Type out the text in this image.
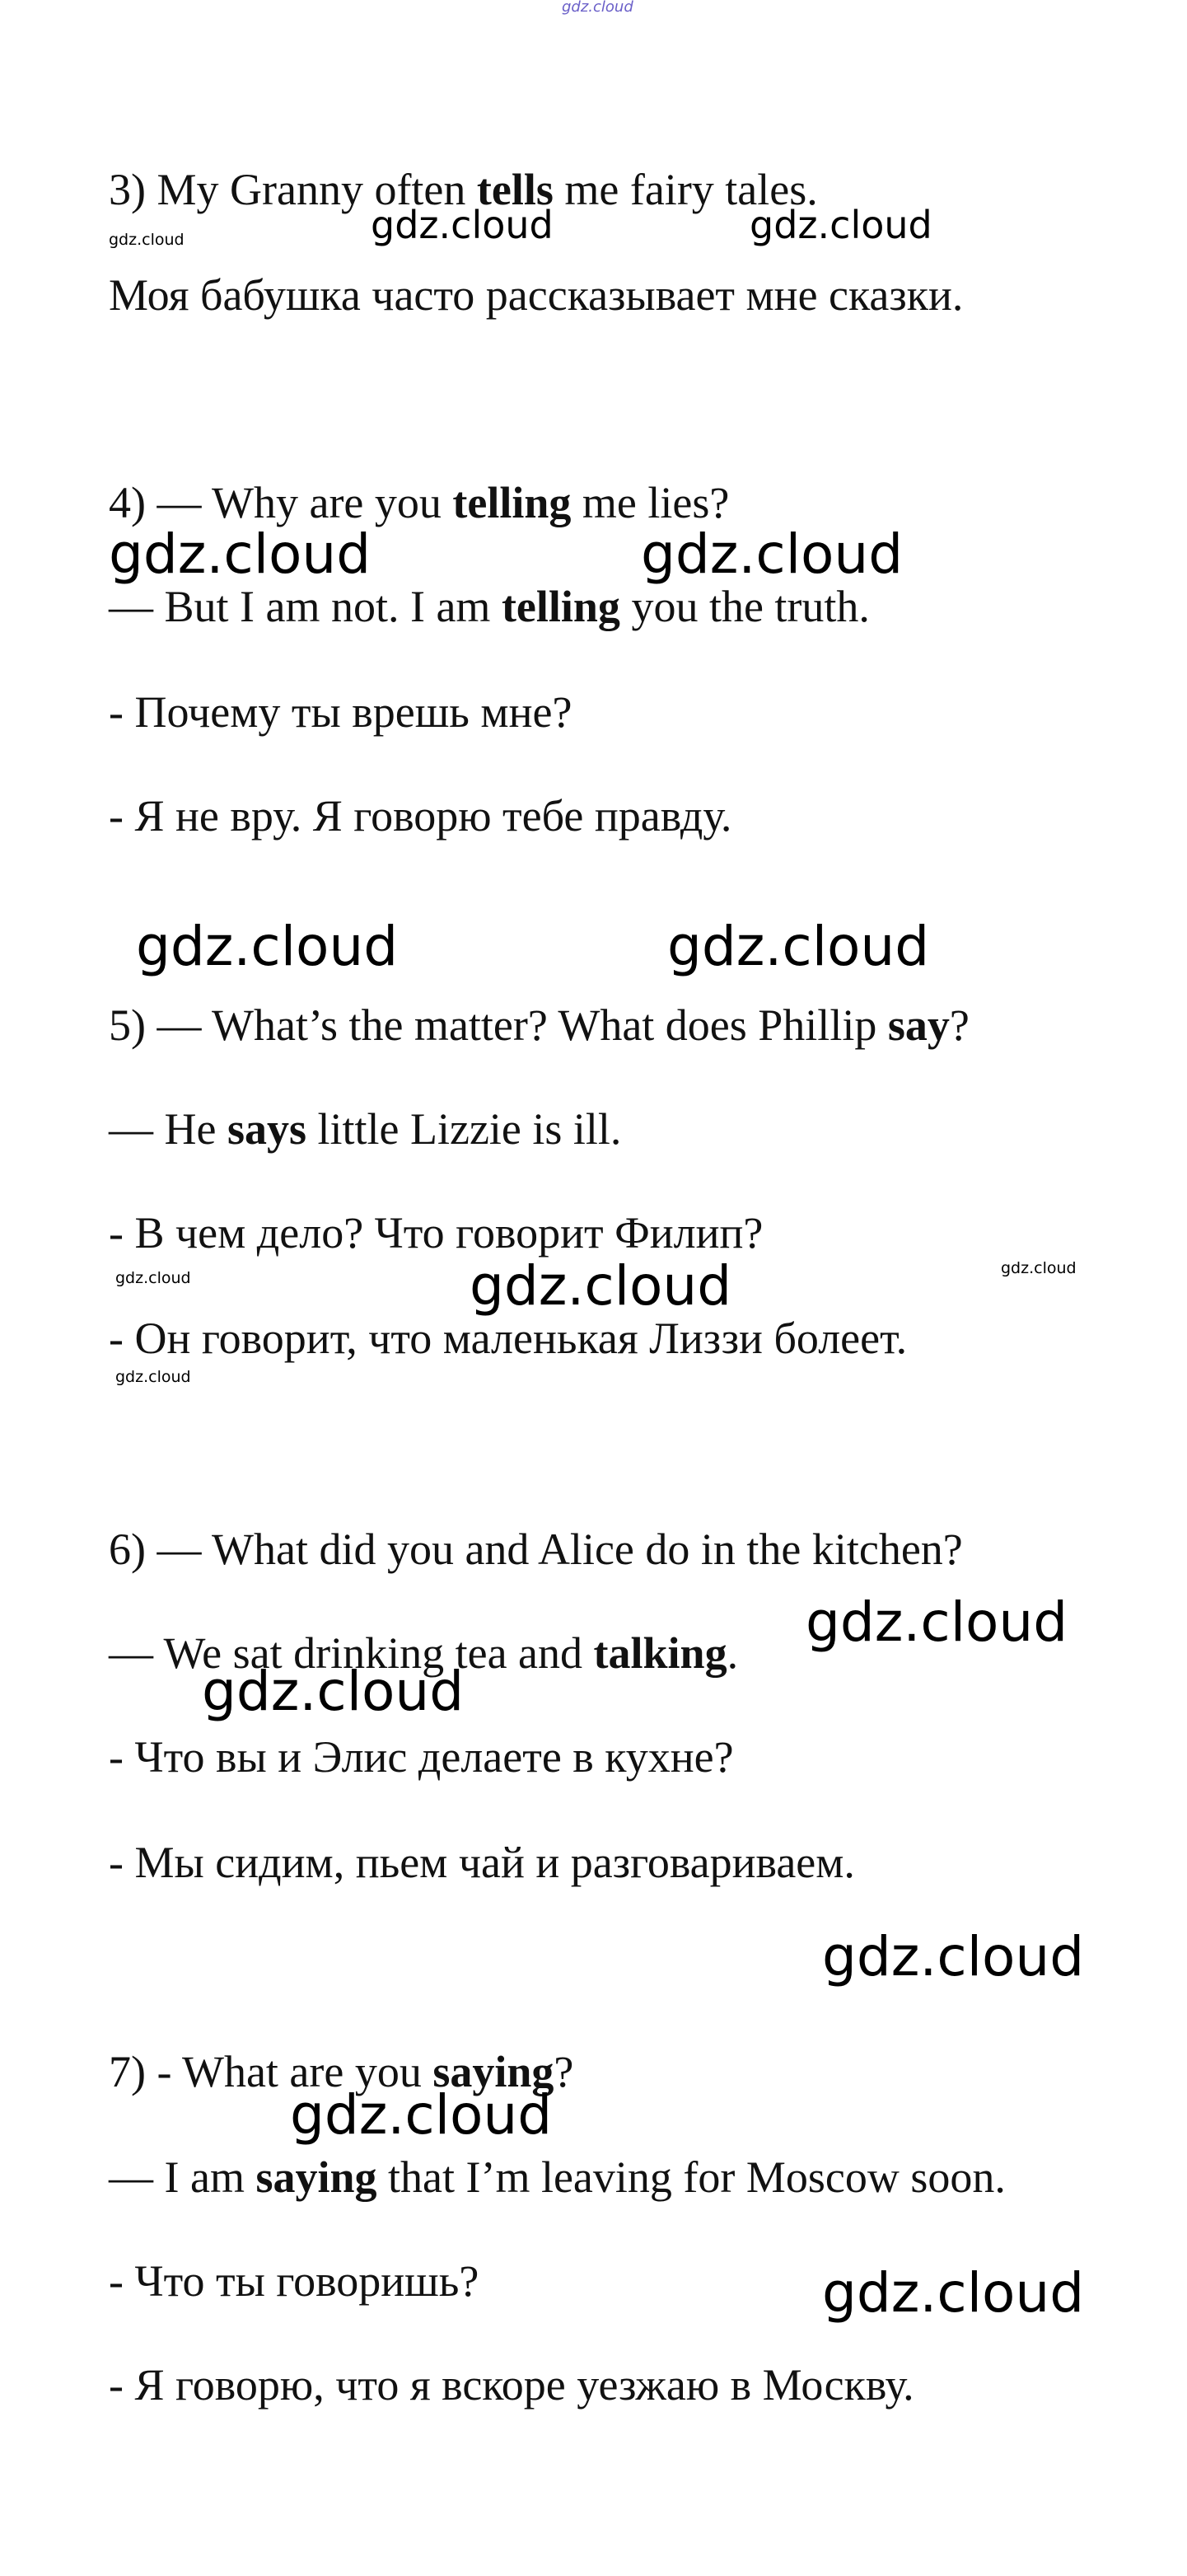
gdz.cloud
3) My Granny often tells me fairy tales.
Моя бабушка часто рассказывает мне сказки.
4) — Why are you telling me lies?
— But I am not. I am telling you the truth.
- Почему ты врешь мне?
- Я не вру. Я говорю тебе правду.
5) — What’s the matter? What does Phillip say?
— He says little Lizzie is ill.
- В чем дело? Что говорит Филип?
- Он говорит, что маленькая Лиззи болеет.
6) — What did you and Alice do in the kitchen?
— We sat drinking tea and talking.
- Что вы и Элис делаете в кухне?
- Мы сидим, пьем чай и разговариваем.
7) - What are you saying?
— I am saying that I’m leaving for Moscow soon.
- Что ты говоришь?
- Я говорю, что я вскоре уезжаю в Москву.
gdz.cloud	gdz.cloud
gdz.cloud
gdz.cloud	gdz.cloud
gdz.cloud	gdz.cloud
gdz.cloud	gdz.cloud	gdz.cloud
gdz.cloud
gdz.cloud
gdz.cloud
gdz.cloud
gdz.cloud
gdz.cloud
